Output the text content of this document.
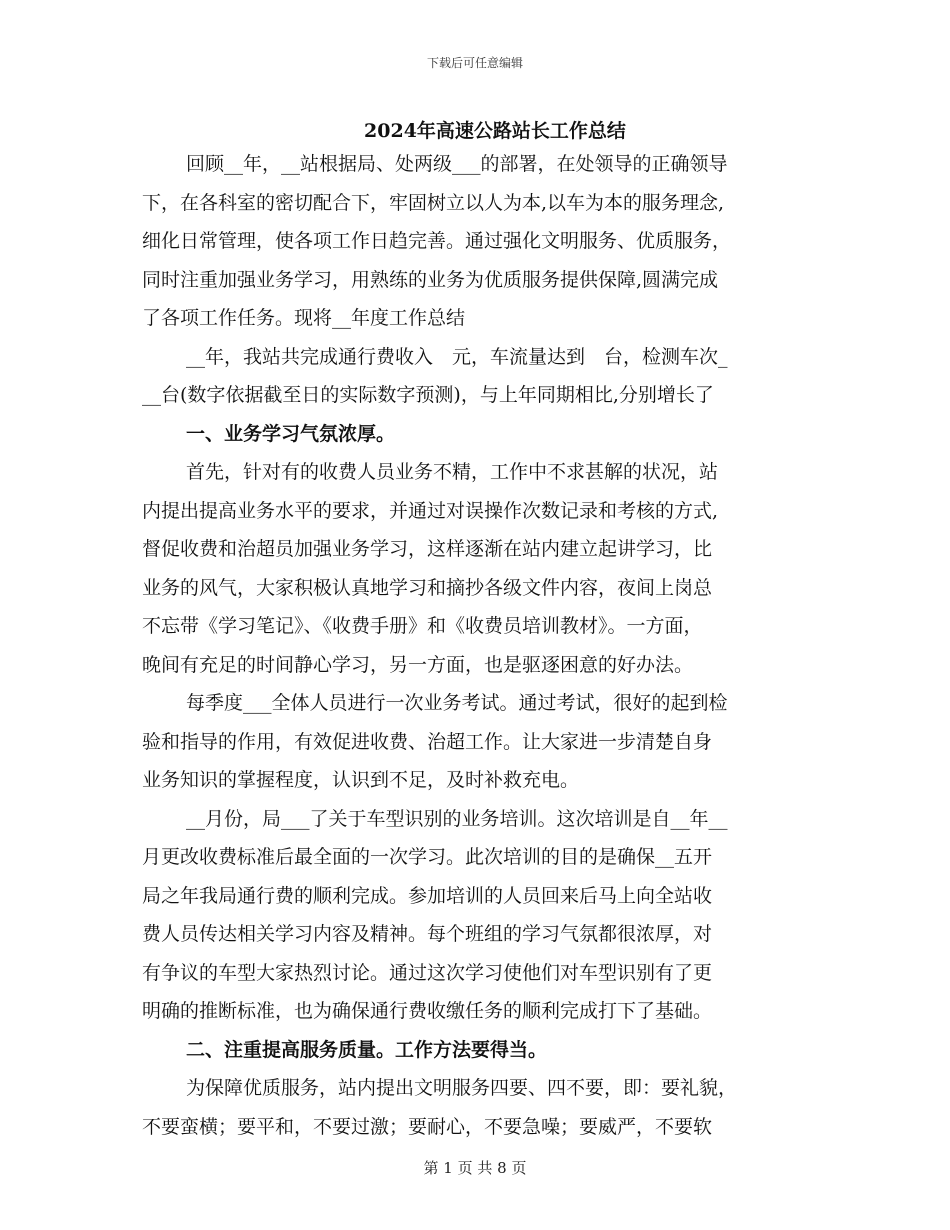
下载后可任意编辑
2024年高速公路站长工作总结
回顾__年，__站根据局、处两级___的部署，在处领导的正确领导
下，在各科室的密切配合下，牢固树立以人为本,以车为本的服务理念,
细化日常管理，使各项工作日趋完善。通过强化文明服务、优质服务，
同时注重加强业务学习，用熟练的业务为优质服务提供保障,圆满完成
了各项工作任务。现将__年度工作总结
__年，我站共完成通行费收入　元，车流量达到　台，检测车次_
__台(数字依据截至日的实际数字预测)，与上年同期相比,分别增长了
一、业务学习气氛浓厚。
首先，针对有的收费人员业务不精，工作中不求甚解的状况，站
内提出提高业务水平的要求，并通过对误操作次数记录和考核的方式,
督促收费和治超员加强业务学习，这样逐渐在站内建立起讲学习，比
业务的风气，大家积极认真地学习和摘抄各级文件内容，夜间上岗总
不忘带《学习笔记》、《收费手册》和《收费员培训教材》。一方面，
晚间有充足的时间静心学习，另一方面，也是驱逐困意的好办法。
每季度___全体人员进行一次业务考试。通过考试，很好的起到检
验和指导的作用，有效促进收费、治超工作。让大家进一步清楚自身
业务知识的掌握程度，认识到不足，及时补救充电。
__月份，局___了关于车型识别的业务培训。这次培训是自__年__
月更改收费标准后最全面的一次学习。此次培训的目的是确保__五开
局之年我局通行费的顺利完成。参加培训的人员回来后马上向全站收
费人员传达相关学习内容及精神。每个班组的学习气氛都很浓厚，对
有争议的车型大家热烈讨论。通过这次学习使他们对车型识别有了更
明确的推断标准，也为确保通行费收缴任务的顺利完成打下了基础。
二、注重提高服务质量。工作方法要得当。
为保障优质服务，站内提出文明服务四要、四不要，即：要礼貌，
不要蛮横；要平和，不要过激；要耐心，不要急噪；要威严，不要软
第 1 页 共 8 页
